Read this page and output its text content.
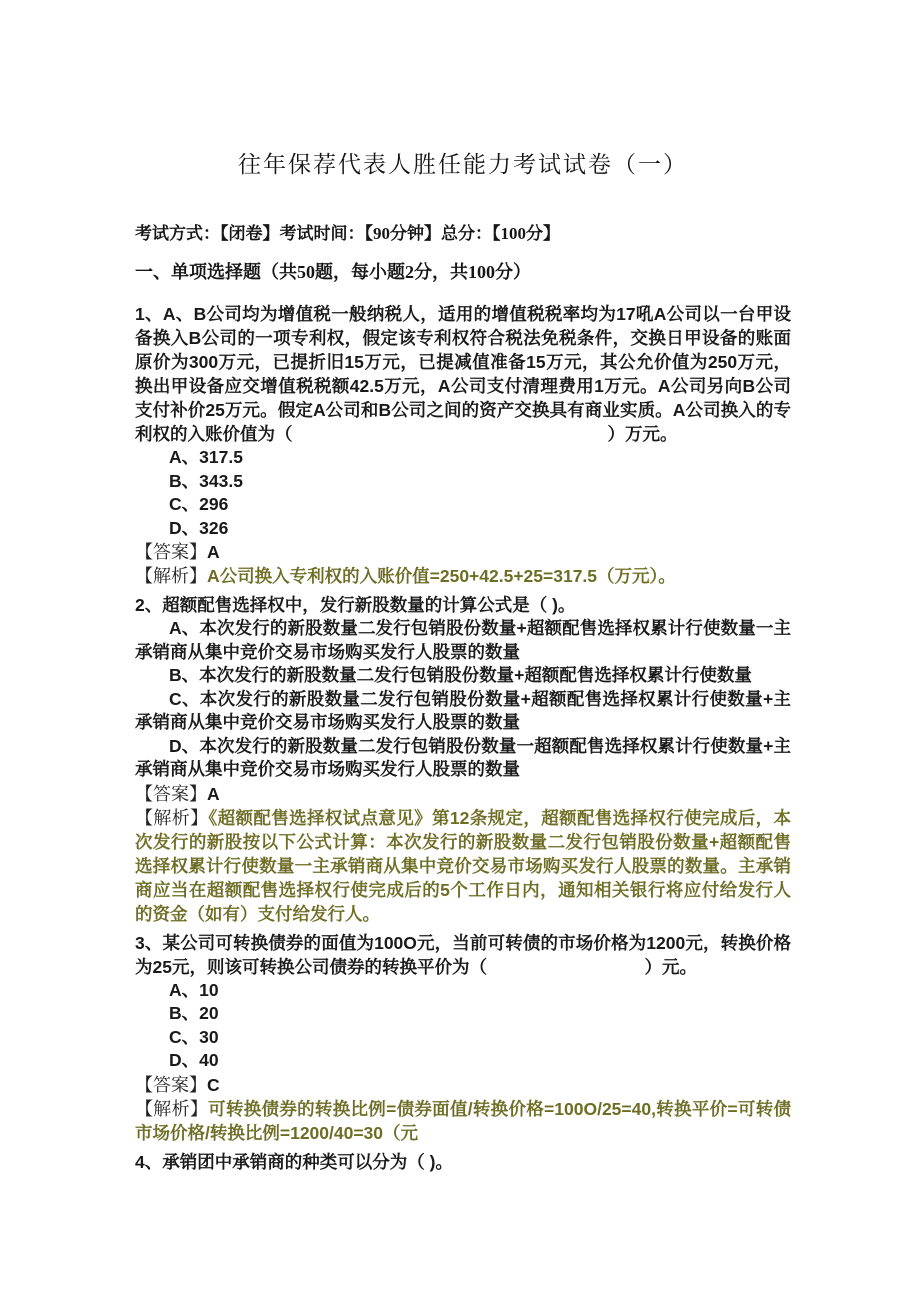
往年保荐代表人胜任能力考试试卷（一）

考试方式：【闭卷】考试时间：【90分钟】总分：【100分】

一、单项选择题（共50题，每小题2分，共100分）

1、A、B公司均为增值税一般纳税人，适用的增值税税率均为17吼A公司以一台甲设备换入B公司的一项专利权，假定该专利权符合税法免税条件，交换日甲设备的账面原价为300万元，已提折旧15万元，已提减值准备15万元，其公允价值为250万元，换出甲设备应交增值税税额42.5万元，A公司支付清理费用1万元。A公司另向B公司支付补价25万元。假定A公司和B公司之间的资产交换具有商业实质。A公司换入的专利权的入账价值为（　　　　　　　　　　　　　　　　　　）万元。

A、317.5

B、343.5

C、296

D、326

【答案】A

【解析】A公司换入专利权的入账价值=250+42.5+25=317.5（万元）。

2、超额配售选择权中，发行新股数量的计算公式是（ )。

A、本次发行的新股数量二发行包销股份数量+超额配售选择权累计行使数量一主承销商从集中竞价交易市场购买发行人股票的数量

B、本次发行的新股数量二发行包销股份数量+超额配售选择权累计行使数量

C、本次发行的新股数量二发行包销股份数量+超额配售选择权累计行使数量+主承销商从集中竞价交易市场购买发行人股票的数量

D、本次发行的新股数量二发行包销股份数量一超额配售选择权累计行使数量+主承销商从集中竞价交易市场购买发行人股票的数量

【答案】A

【解析】《超额配售选择权试点意见》第12条规定，超额配售选择权行使完成后，本次发行的新股按以下公式计算：本次发行的新股数量二发行包销股份数量+超额配售选择权累计行使数量一主承销商从集中竞价交易市场购买发行人股票的数量。主承销商应当在超额配售选择权行使完成后的5个工作日内，通知相关银行将应付给发行人的资金（如有）支付给发行人。

3、某公司可转换债券的面值为100O元，当前可转债的市场价格为1200元，转换价格为25元，则该可转换公司债券的转换平价为（　　　　　　　　　）元。

A、10

B、20

C、30

D、40

【答案】C

【解析】可转换债券的转换比例=债券面值/转换价格=100O/25=40,转换平价=可转债市场价格/转换比例=1200/40=30（元

4、承销团中承销商的种类可以分为（ )。
